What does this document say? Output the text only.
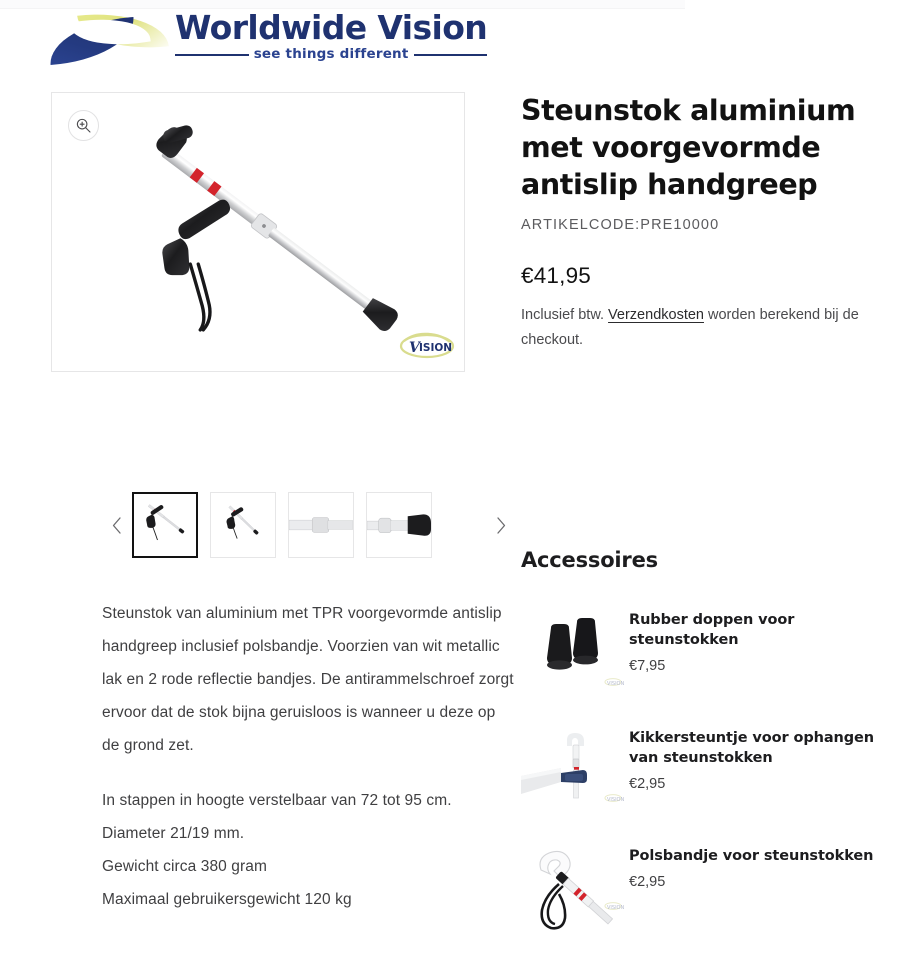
Worldwide Vision
see things different
V ISION

Steunstok van aluminium met TPR voorgevormde antislip handgreep inclusief polsbandje. Voorzien van wit metallic lak en 2 rode reflectie bandjes. De antirammelschroef zorgt ervoor dat de stok bijna geruisloos is wanneer u deze op de grond zet.

In stappen in hoogte verstelbaar van 72 tot 95 cm.

Diameter 21/19 mm.

Gewicht circa 380 gram

Maximaal gebruikersgewicht 120 kg

Steunstok aluminium met voorgevormde antislip handgreep

ARTIKELCODE:PRE10000

€41,95

Inclusief btw. Verzendkosten worden berekend bij de checkout.

Accessoires
VISION
Rubber doppen voor steunstokken
€7,95
VISION
Kikkersteuntje voor ophangen van steunstokken
€2,95
VISION
Polsbandje voor steunstokken
€2,95
